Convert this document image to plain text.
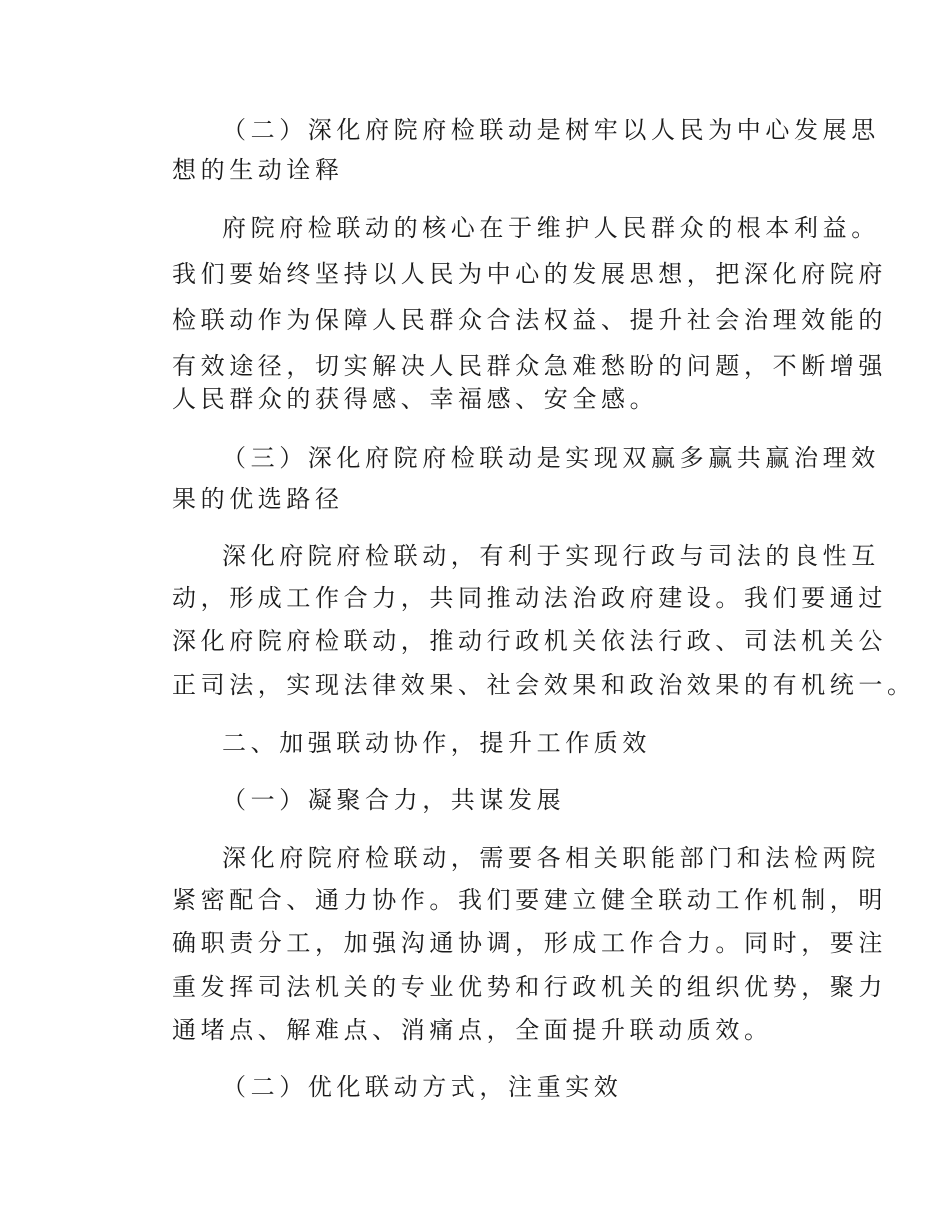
（二）深化府院府检联动是树牢以人民为中心发展思
想的生动诠释
府院府检联动的核心在于维护人民群众的根本利益。
我们要始终坚持以人民为中心的发展思想，把深化府院府
检联动作为保障人民群众合法权益、提升社会治理效能的
有效途径，切实解决人民群众急难愁盼的问题，不断增强
人民群众的获得感、幸福感、安全感。
（三）深化府院府检联动是实现双赢多赢共赢治理效
果的优选路径
深化府院府检联动，有利于实现行政与司法的良性互
动，形成工作合力，共同推动法治政府建设。我们要通过
深化府院府检联动，推动行政机关依法行政、司法机关公
正司法，实现法律效果、社会效果和政治效果的有机统一。
二、加强联动协作，提升工作质效
（一）凝聚合力，共谋发展
深化府院府检联动，需要各相关职能部门和法检两院
紧密配合、通力协作。我们要建立健全联动工作机制，明
确职责分工，加强沟通协调，形成工作合力。同时，要注
重发挥司法机关的专业优势和行政机关的组织优势，聚力
通堵点、解难点、消痛点，全面提升联动质效。
（二）优化联动方式，注重实效
